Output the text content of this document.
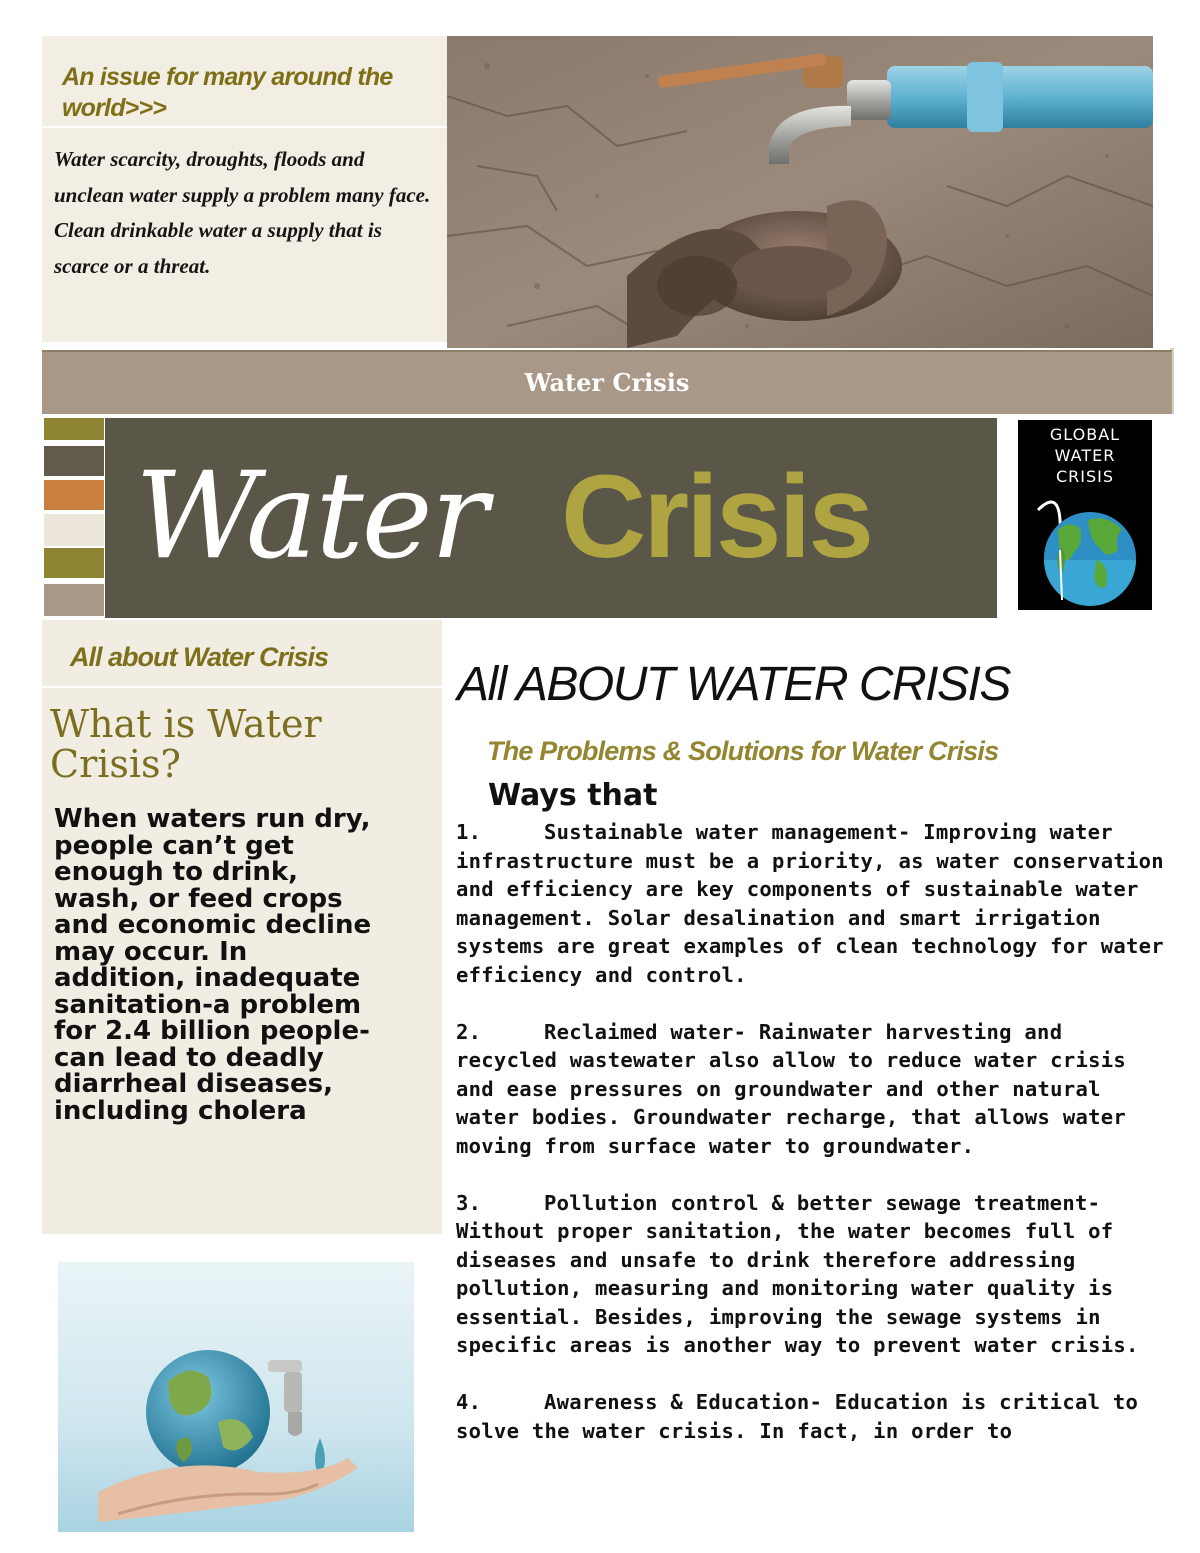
An issue for many around the world>>>
Water scarcity, droughts, floods and unclean water supply a problem many face. Clean drinkable water a supply that is scarce or a threat.
Water Crisis
Water Crisis
GLOBAL
WATER
CRISIS
All about Water Crisis
What is Water Crisis?
When waters run dry, people can’t get enough to drink, wash, or feed crops and economic decline may occur. In addition, inadequate sanitation-a problem for 2.4 billion people-can lead to deadly diarrheal diseases, including cholera
All ABOUT WATER CRISIS
The Problems & Solutions for Water Crisis
Ways that
1.	Sustainable water management- Improving water infrastructure must be a priority, as water conservation and efficiency are key components of sustainable water management. Solar desalination and smart irrigation systems are great examples of clean technology for water efficiency and control.
2.	Reclaimed water- Rainwater harvesting and recycled wastewater also allow to reduce water crisis and ease pressures on groundwater and other natural water bodies. Groundwater recharge, that allows water moving from surface water to groundwater.
3.	Pollution control & better sewage treatment- Without proper sanitation, the water becomes full of diseases and unsafe to drink therefore addressing pollution, measuring and monitoring water quality is essential. Besides, improving the sewage systems in specific areas is another way to prevent water crisis.
4.	Awareness & Education- Education is critical to solve the water crisis. In fact, in order to
